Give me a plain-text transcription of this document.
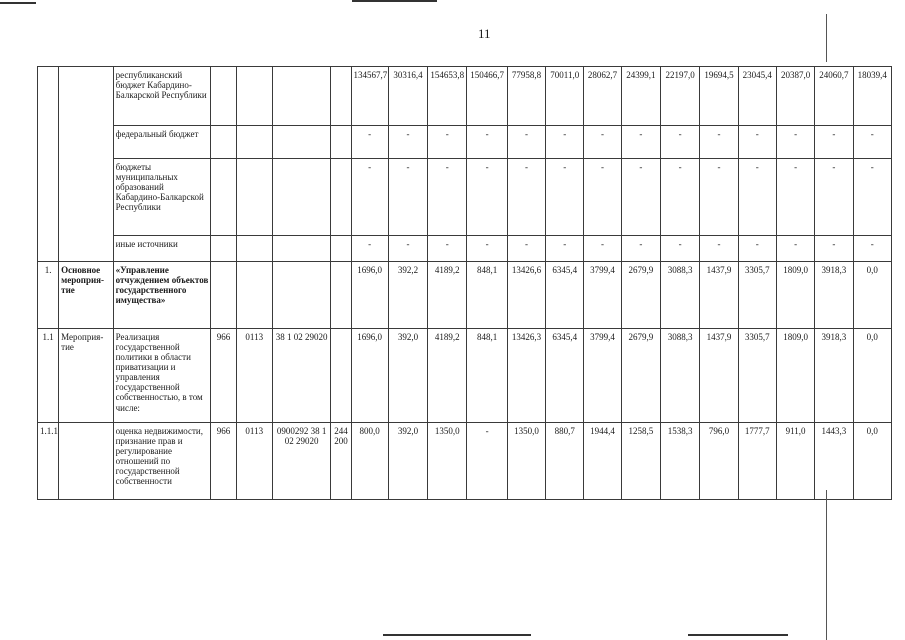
11
		республиканский бюджет Кабардино-Балкарской Республики					134567,7	30316,4	154653,8	150466,7	77958,8	70011,0	28062,7	24399,1	22197,0	19694,5	23045,4	20387,0	24060,7	18039,4
		федеральный бюджет					-	-	-	-	-	-	-	-	-	-	-	-	-	-
		бюджеты муниципальных образований Кабардино-Балкарской Республики					-	-	-	-	-	-	-	-	-	-	-	-	-	-
		иные источники					-	-	-	-	-	-	-	-	-	-	-	-	-	-
1.	Основное мероприя-тие	«Управление отчуждением объектов государственного имущества»					1696,0	392,2	4189,2	848,1	13426,6	6345,4	3799,4	2679,9	3088,3	1437,9	3305,7	1809,0	3918,3	0,0
1.1	Мероприя-тие	Реализация государственной политики в области приватизации и управления государственной собственностью, в том числе:	966	0113	38 1 02 29020		1696,0	392,0	4189,2	848,1	13426,3	6345,4	3799,4	2679,9	3088,3	1437,9	3305,7	1809,0	3918,3	0,0
1.1.1		оценка недвижимости, признание прав и регулирование отношений по государственной собственности	966	0113	0900292 38 1 02 29020	244 200	800,0	392,0	1350,0	-	1350,0	880,7	1944,4	1258,5	1538,3	796,0	1777,7	911,0	1443,3	0,0
